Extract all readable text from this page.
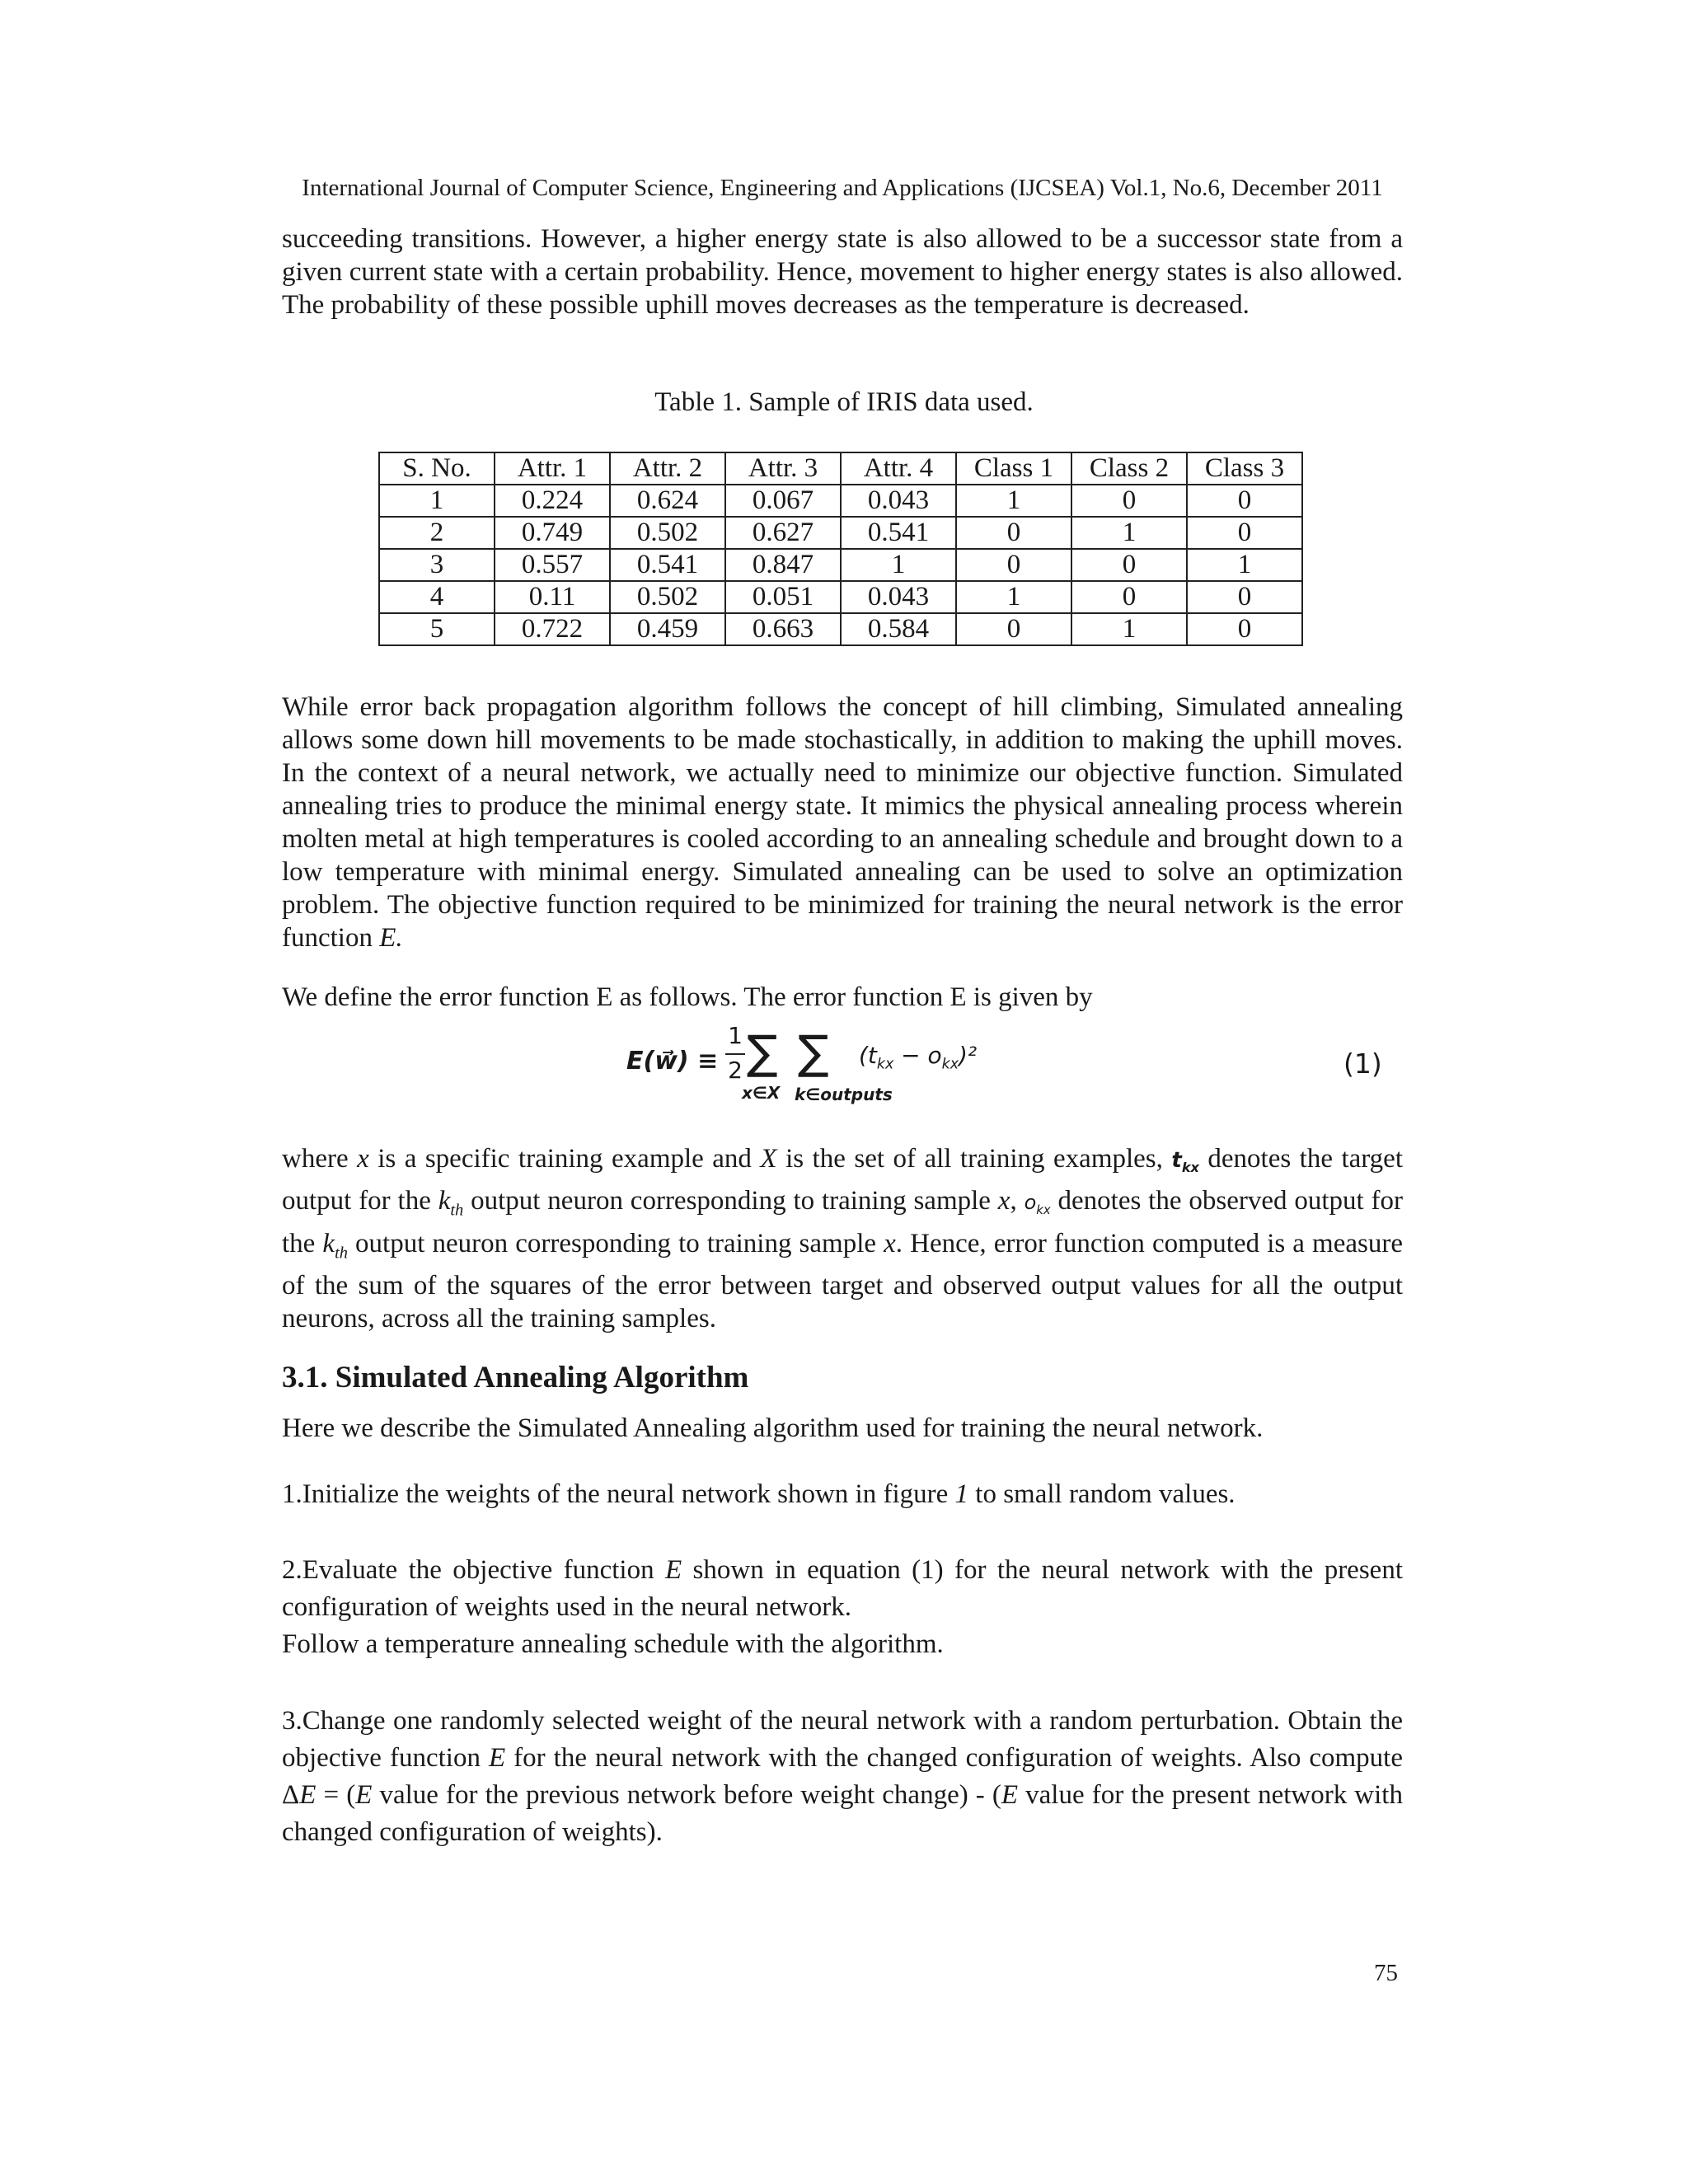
International Journal of Computer Science, Engineering and Applications (IJCSEA) Vol.1, No.6, December 2011
succeeding transitions. However, a higher energy state is also allowed to be a successor state from a given current state with a certain probability. Hence, movement to higher energy states is also allowed. The probability of these possible uphill moves decreases as the temperature is decreased.
Table 1. Sample of IRIS data used.
S. No.	Attr. 1	Attr. 2	Attr. 3	Attr. 4	Class 1	Class 2	Class 3
1	0.224	0.624	0.067	0.043	1	0	0
2	0.749	0.502	0.627	0.541	0	1	0
3	0.557	0.541	0.847	1	0	0	1
4	0.11	0.502	0.051	0.043	1	0	0
5	0.722	0.459	0.663	0.584	0	1	0
While error back propagation algorithm follows the concept of hill climbing, Simulated annealing allows some down hill movements to be made stochastically, in addition to making the uphill moves. In the context of a neural network, we actually need to minimize our objective function. Simulated annealing tries to produce the minimal energy state. It mimics the physical annealing process wherein molten metal at high temperatures is cooled according to an annealing schedule and brought down to a low temperature with minimal energy. Simulated annealing can be used to solve an optimization problem. The objective function required to be minimized for training the neural network is the error function E.
We define the error function E as follows. The error function E is given by
E(w⃗) ≡
1
2 ∑
x∈X
∑
k∈outputs
$(t_{kx} - o_{kx})^2$	(1)
where x is a specific training example and X is the set of all training examples, $t_{kx}$ denotes the target output for the $k_{th}$ output neuron corresponding to training sample x, $o_{kx}$ denotes the observed output for the $k_{th}$ output neuron corresponding to training sample x. Hence, error function computed is a measure of the sum of the squares of the error between target and observed output values for all the output neurons, across all the training samples.
3.1. Simulated Annealing Algorithm
Here we describe the Simulated Annealing algorithm used for training the neural network.
1.Initialize the weights of the neural network shown in figure 1 to small random values.
2.Evaluate the objective function E shown in equation (1) for the neural network with the present configuration of weights used in the neural network.
Follow a temperature annealing schedule with the algorithm.
3.Change one randomly selected weight of the neural network with a random perturbation. Obtain the objective function E for the neural network with the changed configuration of weights. Also compute ΔE = (E value for the previous network before weight change) - (E value for the present network with changed configuration of weights).
75
